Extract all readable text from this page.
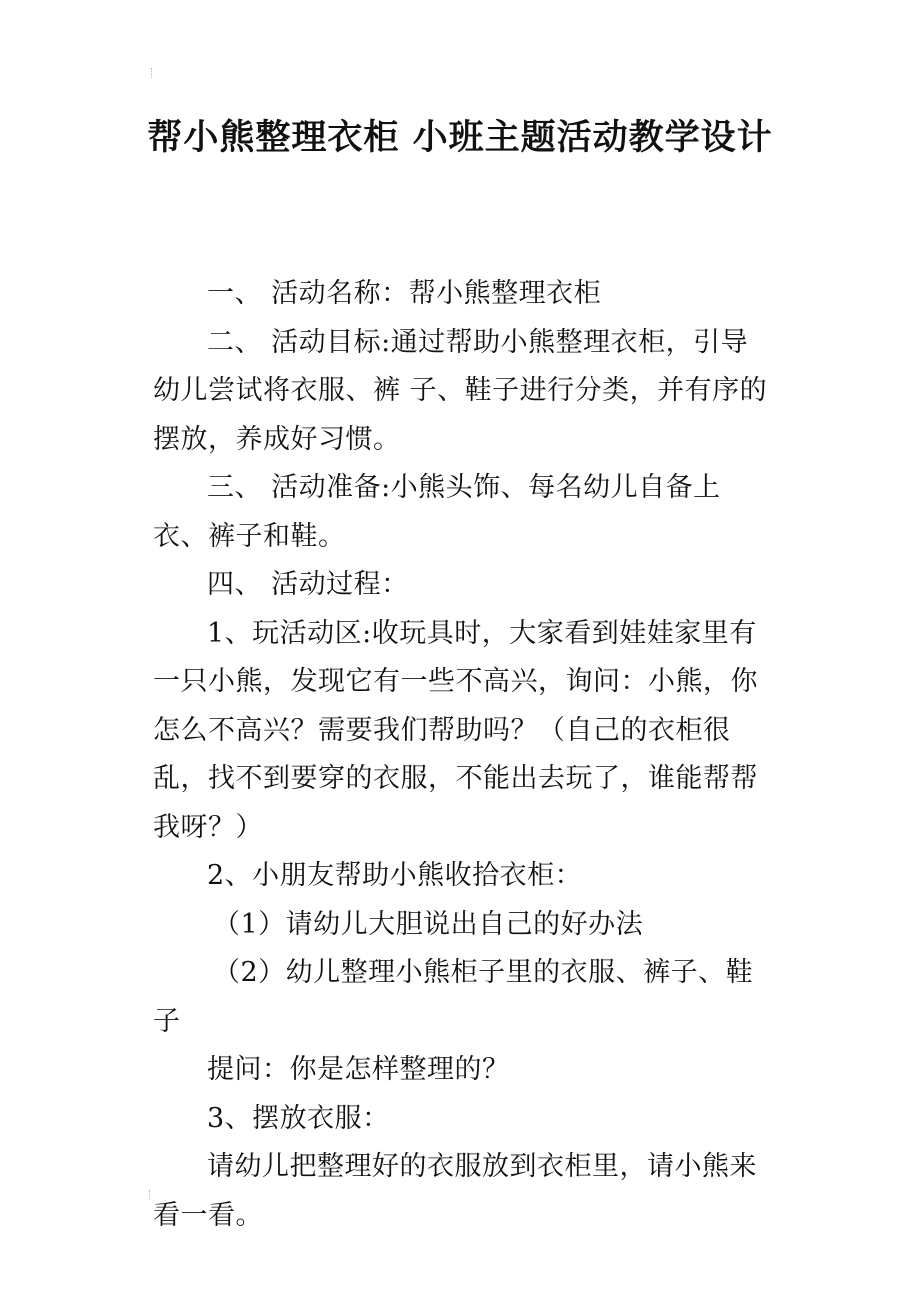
帮小熊整理衣柜 小班主题活动教学设计

一、 活动名称：帮小熊整理衣柜

二、 活动目标:通过帮助小熊整理衣柜，引导幼儿尝试将衣服、裤 子、鞋子进行分类，并有序的摆放，养成好习惯。

三、 活动准备:小熊头饰、每名幼儿自备上衣、裤子和鞋。

四、 活动过程：

1、玩活动区:收玩具时，大家看到娃娃家里有一只小熊，发现它有一些不高兴，询问：小熊，你怎么不高兴？需要我们帮助吗？（自己的衣柜很乱，找不到要穿的衣服，不能出去玩了，谁能帮帮我呀？）

2、小朋友帮助小熊收拾衣柜：

（1）请幼儿大胆说出自己的好办法

（2）幼儿整理小熊柜子里的衣服、裤子、鞋子

提问：你是怎样整理的？

3、摆放衣服：

请幼儿把整理好的衣服放到衣柜里，请小熊来看一看。
